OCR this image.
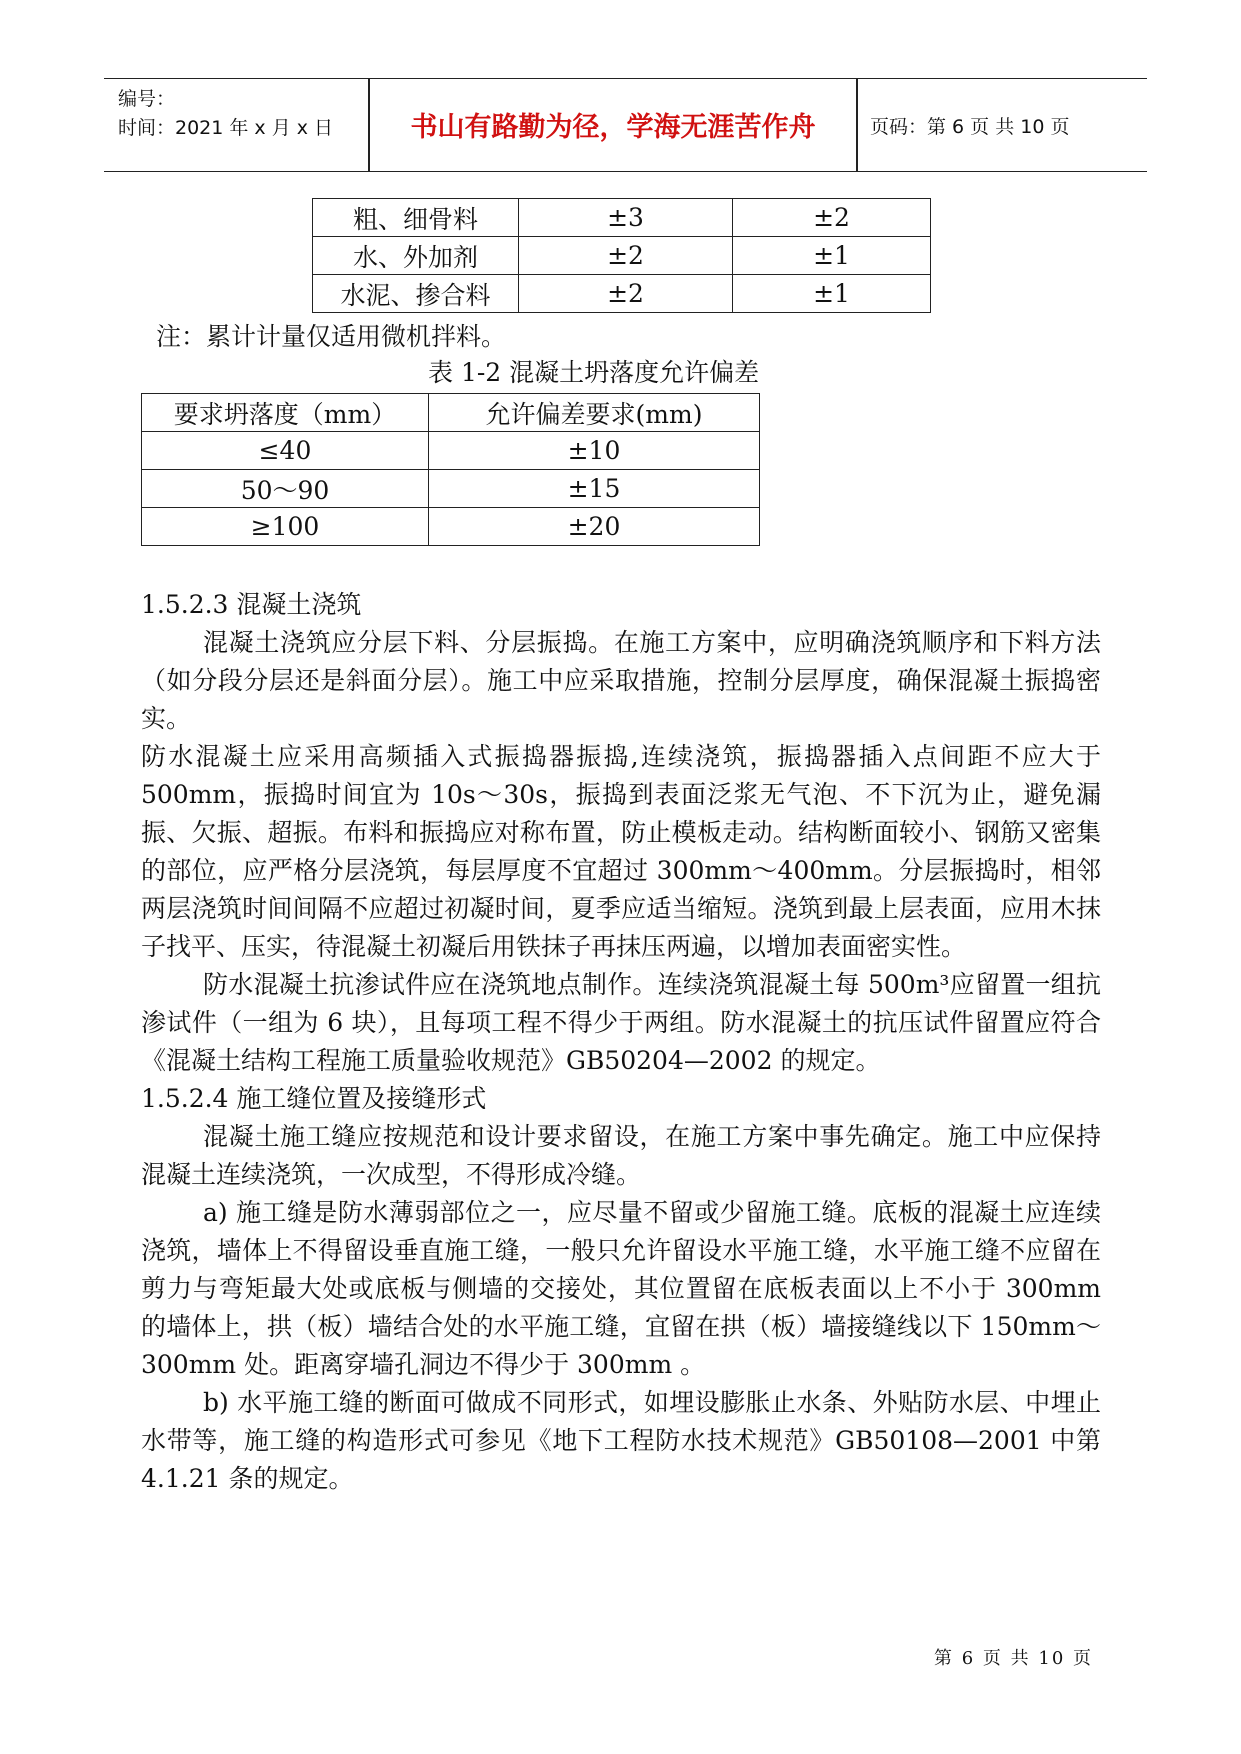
编号：
时间：2021 年 x 月 x 日	书山有路勤为径，学海无涯苦作舟	页码：第 6 页 共 10 页
粗、细骨料	±3	±2
水、外加剂	±2	±1
水泥、掺合料	±2	±1
注：累计计量仅适用微机拌料。
表 1-2 混凝土坍落度允许偏差
要求坍落度（mm）	允许偏差要求(mm)
≤40	±10
50～90	±15
≥100	±20

1.5.2.3 混凝土浇筑

混凝土浇筑应分层下料、分层振捣。在施工方案中，应明确浇筑顺序和下料方法（如分段分层还是斜面分层）。施工中应采取措施，控制分层厚度，确保混凝土振捣密实。

防水混凝土应采用高频插入式振捣器振捣,连续浇筑，振捣器插入点间距不应大于 500mm，振捣时间宜为 10s～30s，振捣到表面泛浆无气泡、不下沉为止，避免漏振、欠振、超振。布料和振捣应对称布置，防止模板走动。结构断面较小、钢筋又密集的部位，应严格分层浇筑，每层厚度不宜超过 300mm～400mm。分层振捣时，相邻两层浇筑时间间隔不应超过初凝时间，夏季应适当缩短。浇筑到最上层表面，应用木抹子找平、压实，待混凝土初凝后用铁抹子再抹压两遍，以增加表面密实性。

防水混凝土抗渗试件应在浇筑地点制作。连续浇筑混凝土每 500m³应留置一组抗渗试件（一组为 6 块），且每项工程不得少于两组。防水混凝土的抗压试件留置应符合《混凝土结构工程施工质量验收规范》GB50204—2002 的规定。

1.5.2.4 施工缝位置及接缝形式

混凝土施工缝应按规范和设计要求留设，在施工方案中事先确定。施工中应保持混凝土连续浇筑，一次成型，不得形成冷缝。

a) 施工缝是防水薄弱部位之一，应尽量不留或少留施工缝。底板的混凝土应连续浇筑，墙体上不得留设垂直施工缝，一般只允许留设水平施工缝，水平施工缝不应留在剪力与弯矩最大处或底板与侧墙的交接处，其位置留在底板表面以上不小于 300mm 的墙体上，拱（板）墙结合处的水平施工缝，宜留在拱（板）墙接缝线以下 150mm～300mm 处。距离穿墙孔洞边不得少于 300mm 。

b) 水平施工缝的断面可做成不同形式，如埋设膨胀止水条、外贴防水层、中埋止水带等，施工缝的构造形式可参见《地下工程防水技术规范》GB50108—2001 中第 4.1.21 条的规定。

第 6 页 共 10 页
